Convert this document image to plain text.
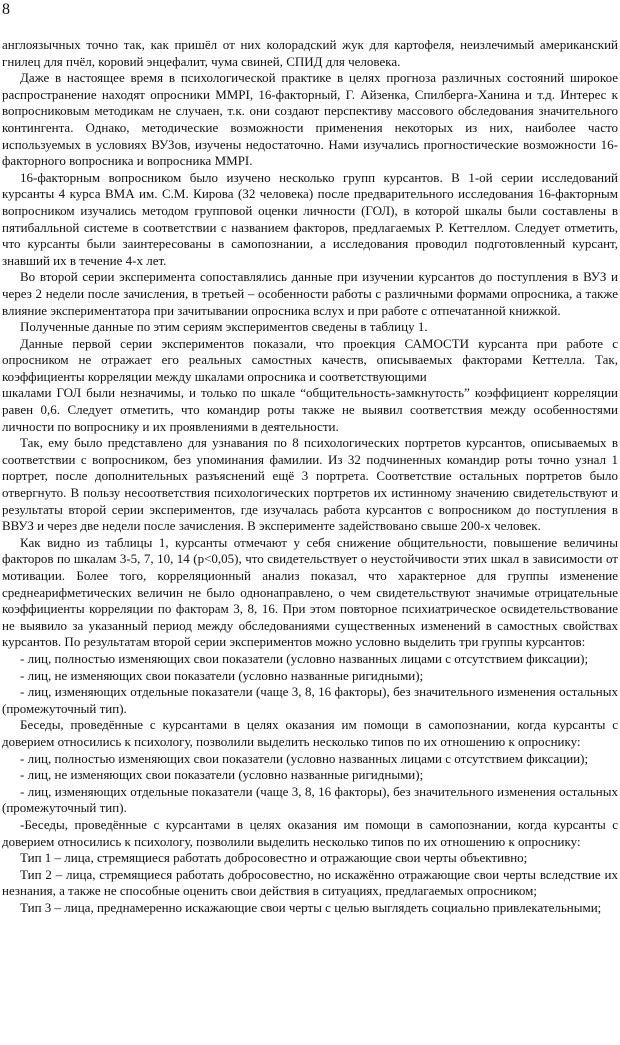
8

англоязычных точно так, как пришёл от них колорадский жук для картофеля, неизлечимый американский гнилец для пчёл, коровий энцефалит, чума свиней, СПИД для человека.

Даже в настоящее время в психологической практике в целях прогноза различных состояний широкое распространение находят опросники ММРI, 16-факторный, Г. Айзенка, Спилберга-Ханина и т.д. Интерес к вопросниковым методикам не случаен, т.к. они создают перспективу массового обследования значительного контингента. Однако, методические возможности применения некоторых из них, наиболее часто используемых в условиях ВУЗов, изучены недостаточно. Нами изучались прогностические возможности 16-факторного вопросника и вопросника ММРI.

16-факторным вопросником было изучено несколько групп курсантов. В 1-ой серии исследований курсанты 4 курса ВМА им. С.М. Кирова (32 человека) после предварительного исследования 16-факторным вопросником изучались методом групповой оценки личности (ГОЛ), в которой шкалы были составлены в пятибалльной системе в соответствии с названием факторов, предлагаемых Р. Кеттеллом. Следует отметить, что курсанты были заинтересованы в самопознании, а исследования проводил подготовленный курсант, знавший их в течение 4-х лет.

Во второй серии эксперимента сопоставлялись данные при изучении курсантов до поступления в ВУЗ и через 2 недели после зачисления, в третьей – особенности работы с различными формами опросника, а также влияние экспериментатора при зачитывании опросника вслух и при работе с отпечатанной книжкой.

Полученные данные по этим сериям экспериментов сведены в таблицу 1.

Данные первой серии экспериментов показали, что проекция САМОСТИ курсанта при работе с опросником не отражает его реальных самостных качеств, описываемых факторами Кеттелла. Так, коэффициенты корреляции между шкалами опросника и соответствующими

шкалами ГОЛ были незначимы, и только по шкале “общительность-замкнутость” коэффициент корреляции равен 0,6. Следует отметить, что командир роты также не выявил соответствия между особенностями личности по вопроснику и их проявлениями в деятельности.

Так, ему было представлено для узнавания по 8 психологических портретов курсантов, описываемых в соответствии с вопросником, без упоминания фамилии. Из 32 подчиненных командир роты точно узнал 1 портрет, после дополнительных разъяснений ещё 3 портрета. Соответствие остальных портретов было отвергнуто. В пользу несоответствия психологических портретов их истинному значению свидетельствуют и результаты второй серии экспериментов, где изучалась работа курсантов с вопросником до поступления в ВВУЗ и через две недели после зачисления. В эксперименте задействовано свыше 200-х человек.

Как видно из таблицы 1, курсанты отмечают у себя снижение общительности, повышение величины факторов по шкалам 3-5, 7, 10, 14 (p<0,05), что свидетельствует о неустойчивости этих шкал в зависимости от мотивации. Более того, корреляционный анализ показал, что характерное для группы изменение среднеарифметических величин не было однонаправлено, о чем свидетельствуют значимые отрицательные коэффициенты корреляции по факторам 3, 8, 16. При этом повторное психиатрическое освидетельствование не выявило за указанный период между обследованиями существенных изменений в самостных свойствах курсантов. По результатам второй серии экспериментов можно условно выделить три группы курсантов:

- лиц, полностью изменяющих свои показатели (условно названных лицами с отсутствием фиксации);

- лиц, не изменяющих свои показатели (условно названные ригидными);

- лиц, изменяющих отдельные показатели (чаще 3, 8, 16 факторы), без значительного изменения остальных (промежуточный тип).

Беседы, проведённые с курсантами в целях оказания им помощи в самопознании, когда курсанты с доверием относились к психологу, позволили выделить несколько типов по их отношению к опроснику:

- лиц, полностью изменяющих свои показатели (условно названных лицами с отсутствием фиксации);

- лиц, не изменяющих свои показатели (условно названные ригидными);

- лиц, изменяющих отдельные показатели (чаще 3, 8, 16 факторы), без значительного изменения остальных (промежуточный тип).

-Беседы, проведённые с курсантами в целях оказания им помощи в самопознании, когда курсанты с доверием относились к психологу, позволили выделить несколько типов по их отношению к опроснику:

Тип 1 – лица, стремящиеся работать добросовестно и отражающие свои черты объективно;

Тип 2 – лица, стремящиеся работать добросовестно, но искажённо отражающие свои черты вследствие их незнания, а также не способные оценить свои действия в ситуациях, предлагаемых опросником;

Тип 3 – лица, преднамеренно искажающие свои черты с целью выглядеть социально привлекательными;
